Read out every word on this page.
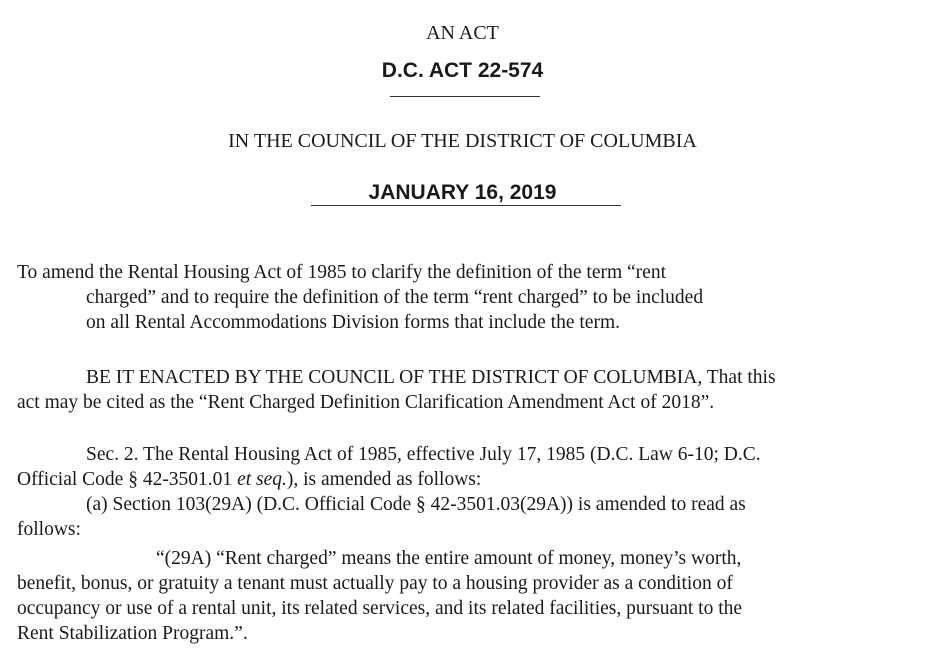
AN ACT
D.C. ACT 22-574
IN THE COUNCIL OF THE DISTRICT OF COLUMBIA
JANUARY 16, 2019
To amend the Rental Housing Act of 1985 to clarify the definition of the term “rent
charged” and to require the definition of the term “rent charged” to be included
on all Rental Accommodations Division forms that include the term.
BE IT ENACTED BY THE COUNCIL OF THE DISTRICT OF COLUMBIA, That this
act may be cited as the “Rent Charged Definition Clarification Amendment Act of 2018”.
Sec. 2. The Rental Housing Act of 1985, effective July 17, 1985 (D.C. Law 6-10; D.C.
Official Code § 42-3501.01 et seq.), is amended as follows:
(a) Section 103(29A) (D.C. Official Code § 42-3501.03(29A)) is amended to read as
follows:
“(29A) “Rent charged” means the entire amount of money, money’s worth,
benefit, bonus, or gratuity a tenant must actually pay to a housing provider as a condition of
occupancy or use of a rental unit, its related services, and its related facilities, pursuant to the
Rent Stabilization Program.”.
